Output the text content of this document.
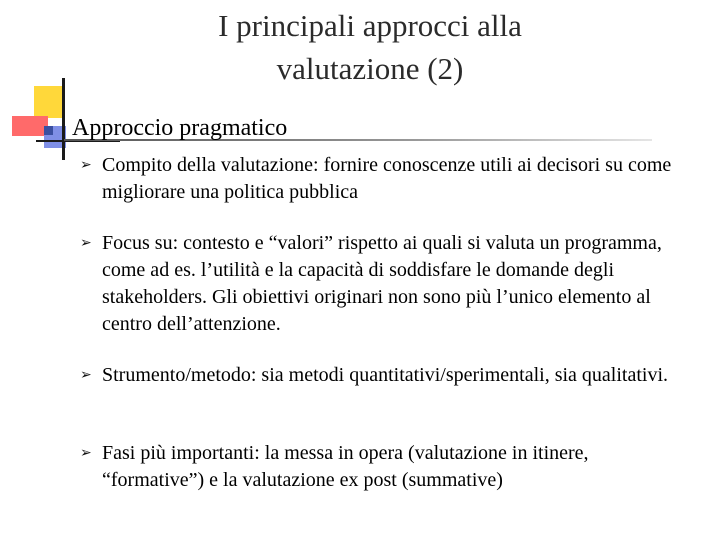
I principali approcci alla
valutazione (2)
Approccio pragmatico
➢ Compito della valutazione: fornire conoscenze utili ai decisori su come migliorare una politica pubblica
➢ Focus su: contesto e “valori” rispetto ai quali si valuta un programma, come ad es. l’utilità e la capacità di soddisfare le domande degli stakeholders. Gli obiettivi originari non sono più l’unico elemento al centro dell’attenzione.
➢ Strumento/metodo: sia metodi quantitativi/sperimentali, sia qualitativi.
➢ Fasi più importanti: la messa in opera (valutazione in itinere, “formative”) e la valutazione ex post (summative)
